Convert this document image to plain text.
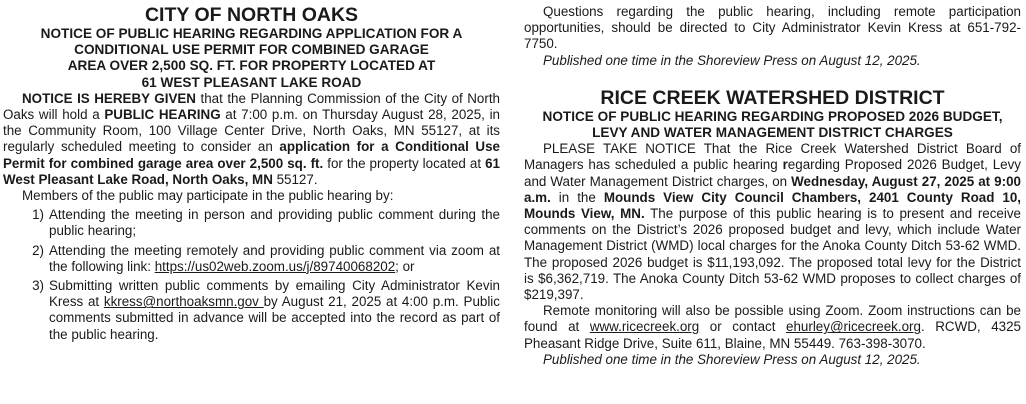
CITY OF NORTH OAKS
NOTICE OF PUBLIC HEARING REGARDING APPLICATION FOR A
CONDITIONAL USE PERMIT FOR COMBINED GARAGE
AREA OVER 2,500 SQ. FT. FOR PROPERTY LOCATED AT
61 WEST PLEASANT LAKE ROAD

NOTICE IS HEREBY GIVEN that the Planning Commission of the City of North Oaks will hold a PUBLIC HEARING at 7:00 p.m. on Thursday August 28, 2025, in the Community Room, 100 Village Center Drive, North Oaks, MN 55127, at its regularly scheduled meeting to consider an application for a Conditional Use Permit for combined garage area over 2,500 sq. ft. for the property located at 61 West Pleasant Lake Road, North Oaks, MN 55127.

Members of the public may participate in the public hearing by:

1) Attending the meeting in person and providing public comment during the public hearing;
2) Attending the meeting remotely and providing public comment via zoom at the following link: https://us02web.zoom.us/j/89740068202; or
3) Submitting written public comments by emailing City Administrator Kevin Kress at kkress@northoaksmn.gov by August 21, 2025 at 4:00 p.m. Public comments submitted in advance will be accepted into the record as part of the public hearing.

Questions regarding the public hearing, including remote participation opportunities, should be directed to City Administrator Kevin Kress at 651-792-7750.

Published one time in the Shoreview Press on August 12, 2025.

RICE CREEK WATERSHED DISTRICT
NOTICE OF PUBLIC HEARING REGARDING PROPOSED 2026 BUDGET,
LEVY AND WATER MANAGEMENT DISTRICT CHARGES

PLEASE TAKE NOTICE That the Rice Creek Watershed District Board of Managers has scheduled a public hearing regarding Proposed 2026 Budget, Levy and Water Management District charges, on Wednesday, August 27, 2025 at 9:00 a.m. in the Mounds View City Council Chambers, 2401 County Road 10, Mounds View, MN. The purpose of this public hearing is to present and receive comments on the District’s 2026 proposed budget and levy, which include Water Management District (WMD) local charges for the Anoka County Ditch 53-62 WMD. The proposed 2026 budget is $11,193,092. The proposed total levy for the District is $6,362,719. The Anoka County Ditch 53-62 WMD proposes to collect charges of $219,397.

Remote monitoring will also be possible using Zoom. Zoom instructions can be found at www.ricecreek.org or contact ehurley@ricecreek.org. RCWD, 4325 Pheasant Ridge Drive, Suite 611, Blaine, MN 55449. 763-398-3070.

Published one time in the Shoreview Press on August 12, 2025.
